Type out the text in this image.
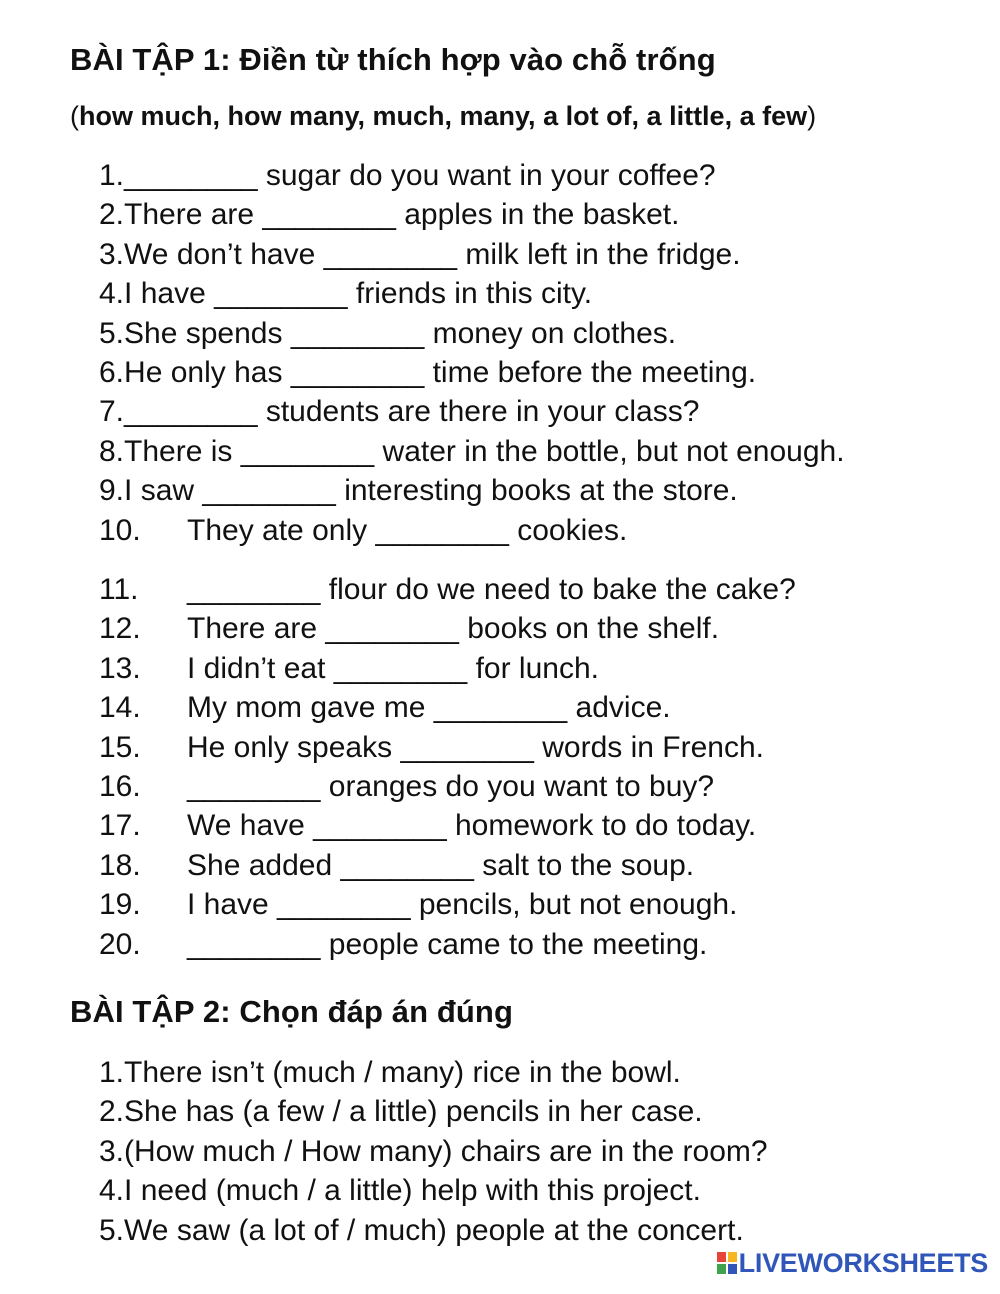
BÀI TẬP 1: Điền từ thích hợp vào chỗ trống
(how much, how many, much, many, a lot of, a little, a few)
1.________ sugar do you want in your coffee?
2.There are ________ apples in the basket.
3.We don’t have ________ milk left in the fridge.
4.I have ________ friends in this city.
5.She spends ________ money on clothes.
6.He only has ________ time before the meeting.
7.________ students are there in your class?
8.There is ________ water in the bottle, but not enough.
9.I saw ________ interesting books at the store.
10. They ate only ________ cookies.
11. ________ flour do we need to bake the cake?
12. There are ________ books on the shelf.
13. I didn’t eat ________ for lunch.
14. My mom gave me ________ advice.
15. He only speaks ________ words in French.
16. ________ oranges do you want to buy?
17. We have ________ homework to do today.
18. She added ________ salt to the soup.
19. I have ________ pencils, but not enough.
20. ________ people came to the meeting.
BÀI TẬP 2: Chọn đáp án đúng
1.There isn’t (much / many) rice in the bowl.
2.She has (a few / a little) pencils in her case.
3.(How much / How many) chairs are in the room?
4.I need (much / a little) help with this project.
5.We saw (a lot of / much) people at the concert.
LIVEWORKSHEETS
